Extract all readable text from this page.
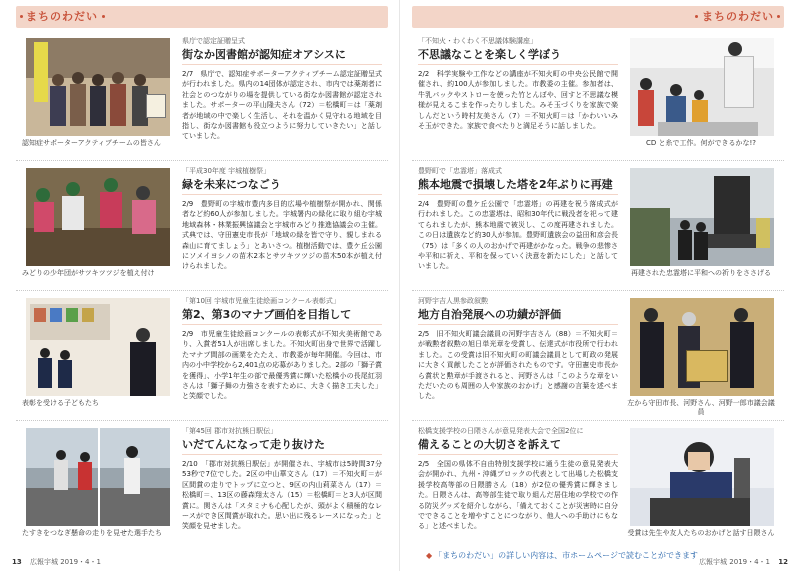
まちのわだい
認知症サポーターアクティブチームの皆さん
県庁で認定証贈呈式
街なか図書館が認知症オアシスに
2/7　県庁で、認知症サポーターアクティブチーム認定証贈呈式が行われました。県内の14団体が認定され、市内では薬剤者に社会とのつながりの場を提供している街なか図書館が認定されました。サポーターの平山隆夫さん（72）＝松橋町＝は「薬剤者が地域の中で楽しく生活し、それを温かく見守れる地域を目指し、街なか図書館も役立つように努力していきたい」と話していました。
みどりの少年団がサツキツツジを植え付け
「平成30年度 宇城植樹祭」
緑を未来につなごう
2/9　豊野町の宇城市豊内多目的広場や植樹祭が開かれ、関係者など約60人が参加しました。宇城署内の緑化に取り組む宇城地域森林・林業振興協議会と宇城市みどり推進協議会の主催。式典では、守田憲史市長が「地域の緑を皆で守り、親しまれる森山に育てましょう」とあいさつ。植樹活動では、豊ケ丘公園にソメイヨシノの苗木2本とサツキツツジの苗木50本が植え付けられました。
表彰を受ける子どもたち
「第10回 宇城市児童生徒絵画コンクール表彰式」
第2、第3のマナブ画伯を目指して
2/9　市児童生徒絵画コンクールの表彰式が不知火美術館であり、入賞者51人が出席しました。不知火町出身で世界で活躍したマナブ間部の画業をたたえ、市教委が毎年開催。今回は、市内の小中学校から2,401点の応募がありました。2部の「獅子賞を獲得」、小学1年生の部で最優秀賞に輝いた松橋小の長尾紅羽さんは「獅子舞の力強さを表すために、大きく描き工夫した」と笑顔でした。
たすきをつなぎ懸命の走りを見せた選手たち
「第45回 郡市対抗熊日駅伝」
いだてんになって走り抜けた
2/10　「郡市対抗熊日駅伝」が開催され、宇城市は5時間37分53秒で7位でした。2区の中山華文さん（17）＝不知火町＝が区間賞の走りでトップに立つと、9区の内山莉菜さん（17）＝松橋町＝、13区の藤森翔太さん（15）＝松橋町＝と3人が区間賞に。関さんは「スタミナも心配したが、頭がよく積極的なレースができ区間賞が取れた。思い出に残るレースになった」と笑顔を見せました。
13 広報宇城 2019・4・1
まちのわだい
CD と糸で工作。何ができるかな!?
「不知火・わくわく不思議体験講座」
不思議なことを楽しく学ぼう
2/2　科学実験や工作などの講座が不知火町の中央公民館で開催され、約100人が参加しました。市教委の主催。参加者は、牛乳パックやストローを使った竹とんぼや、回すと不思議な模様が見えるこまを作ったりしました。みそ玉づくりを家族で楽しんだという時村友美さん（7）＝不知火町＝は「かわいいみそ玉ができた。家族で食べたりと満足そうに話しました。
再建された忠霊塔に平和への祈りをささげる
豊野町で「忠霊塔」落成式
熊本地震で損壊した塔を2年ぶりに再建
2/4　豊野町の豊ケ丘公園で「忠霊塔」の再建を祝う落成式が行われました。この忠霊塔は、昭和30年代に戦没者を祀って建てられましたが、熊本地震で被災し、この度再建されました。この日は遺族など約30人が参加。豊野町遺族会の益田和彦会長（75）は「多くの人のおかげで再建がかなった。戦争の悲惨さや平和に祈え、平和を保っていく決意を新たにした」と話していました。
左から守田市長、河野さん、河野一郎市議会議員
河野宇吉人黒参政叙勲
地方自治発展への功績が評価
2/5　旧不知火町議会議員の河野宇吉さん（88）＝不知火町＝が戦勲者叙勲の旭日単光章を受賞し、伝達式が市役所で行われました。この受賞は旧不知火町の町議会議員として町政の発展に大きく貢献したことが評価されたものです。守田憲史市長から賞状と勲章が手渡されると、河野さんは「このような章をいただいたのも周囲の人や家族のおかげ」と感謝の言葉を述べました。
受賞は先生や友人たちのおかげと話す日隈さん
松橋支援学校の日隈さんが意見発表大会で全国2位に
備えることの大切さを訴えて
2/5　全国の県体不自由特別支援学校に通う生徒の意見発表大会が開かれ、九州・沖縄ブロックの代表として出場した松橋支援学校高等部の日隈勝さん（18）が2位の優秀賞に輝きました。日隈さんは、高等部生徒で取り組んだ居住地の学校での作る防災グッズを紹介しながら、「備えておくことが災害時に自分でできることを増やすことにつながり、他人への手助けにもなる」と述べました。
◆ 「まちのわだい」の詳しい内容は、市ホームページで読むことができます
広報宇城 2019・4・1 12
